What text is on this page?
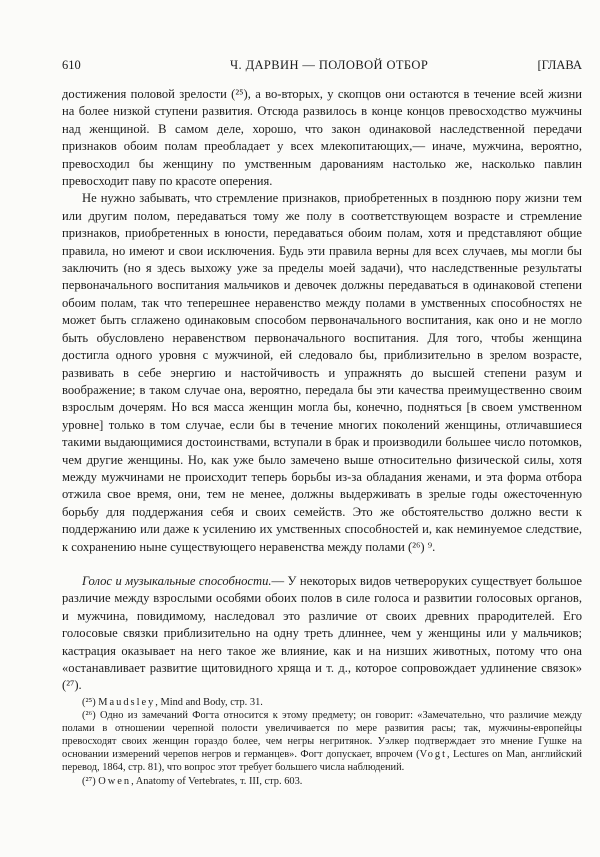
610	Ч. ДАРВИН — ПОЛОВОЙ ОТБОР	[ГЛАВА

достижения половой зрелости (²⁵), а во-вторых, у скопцов они остаются в течение всей жизни на более низкой ступени развития. Отсюда развилось в конце концов превосходство мужчины над женщиной. В самом деле, хорошо, что закон одинаковой наследственной передачи признаков обоим полам преобладает у всех млекопитающих,— иначе, мужчина, вероятно, превосходил бы женщину по умственным дарованиям настолько же, насколько павлин превосходит паву по красоте оперения.

Не нужно забывать, что стремление признаков, приобретенных в позднюю пору жизни тем или другим полом, передаваться тому же полу в соответствующем возрасте и стремление признаков, приобретенных в юности, передаваться обоим полам, хотя и представляют общие правила, но имеют и свои исключения. Будь эти правила верны для всех случаев, мы могли бы заключить (но я здесь выхожу уже за пределы моей задачи), что наследственные результаты первоначального воспитания мальчиков и девочек должны передаваться в одинаковой степени обоим полам, так что теперешнее неравенство между полами в умственных способностях не может быть сглажено одинаковым способом первоначального воспитания, как оно и не могло быть обусловлено неравенством первоначального воспитания. Для того, чтобы женщина достигла одного уровня с мужчиной, ей следовало бы, приблизительно в зрелом возрасте, развивать в себе энергию и настойчивость и упражнять до высшей степени разум и воображение; в таком случае она, вероятно, передала бы эти качества преимущественно своим взрослым дочерям. Но вся масса женщин могла бы, конечно, подняться [в своем умственном уровне] только в том случае, если бы в течение многих поколений женщины, отличавшиеся такими выдающимися достоинствами, вступали в брак и производили большее число потомков, чем другие женщины. Но, как уже было замечено выше относительно физической силы, хотя между мужчинами не происходит теперь борьбы из-за обладания женами, и эта форма отбора отжила свое время, они, тем не менее, должны выдерживать в зрелые годы ожесточенную борьбу для поддержания себя и своих семейств. Это же обстоятельство должно вести к поддержанию или даже к усилению их умственных способностей и, как неминуемое следствие, к сохранению ныне существующего неравенства между полами (²⁶) ⁹.

Голос и музыкальные способности.— У некоторых видов четвероруких существует большое различие между взрослыми особями обоих полов в силе голоса и развитии голосовых органов, и мужчина, повидимому, наследовал это различие от своих древних прародителей. Его голосовые связки приблизительно на одну треть длиннее, чем у женщины или у мальчиков; кастрация оказывает на него такое же влияние, как и на низших животных, потому что она «останавливает развитие щитовидного хряща и т. д., которое сопровождает удлинение связок» (²⁷).

(²⁵) Maudsley, Mind and Body, стр. 31.

(²⁶) Одно из замечаний Фогта относится к этому предмету; он говорит: «Замечательно, что различие между полами в отношении черепной полости увеличивается по мере развития расы; так, мужчины-европейцы превосходят своих женщин гораздо более, чем негры негритянок. Уэлкер подтверждает это мнение Гушке на основании измерений черепов негров и германцев». Фогт допускает, впрочем (Vogt, Lectures on Man, английский перевод, 1864, стр. 81), что вопрос этот требует большего числа наблюдений.

(²⁷) Owen, Anatomy of Vertebrates, т. III, стр. 603.
